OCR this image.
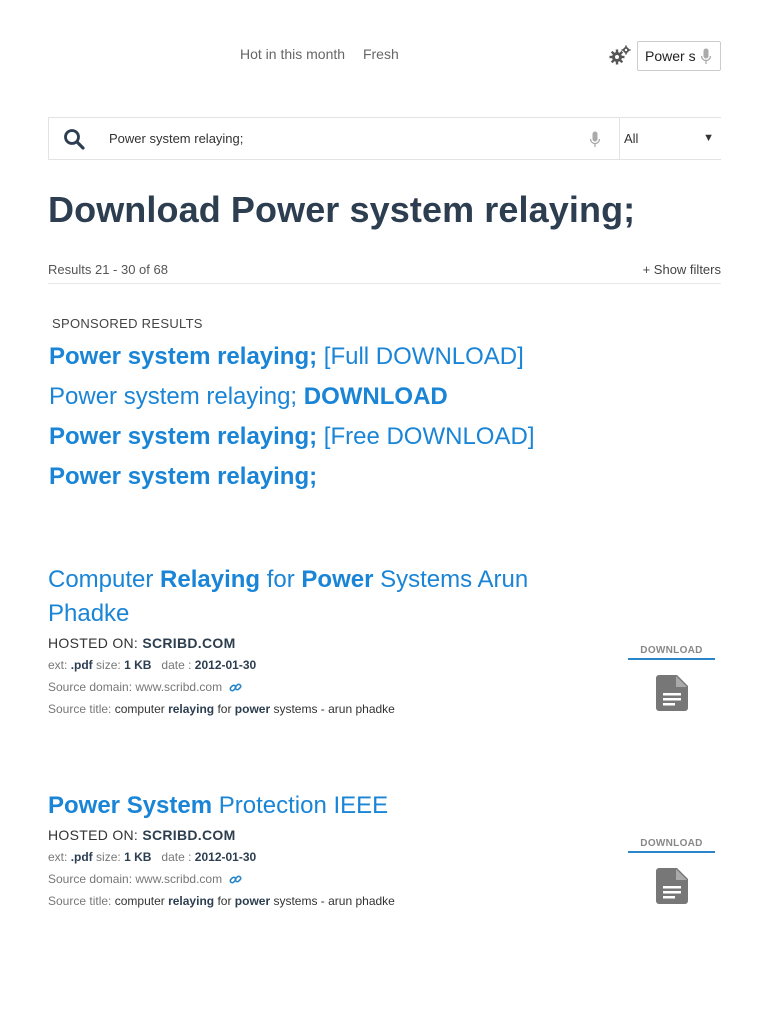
Hot in this month Fresh	Power s
Power system relaying;	All	▼
Download Power system relaying;
Results 21 - 30 of 68	+ Show filters
SPONSORED RESULTS
Power system relaying; [Full DOWNLOAD]
Power system relaying; DOWNLOAD
Power system relaying; [Free DOWNLOAD]
Power system relaying;
Computer Relaying for Power Systems Arun Phadke
HOSTED ON: SCRIBD.COM
ext: .pdf size: 1 KB date : 2012-01-30
Source domain: www.scribd.com
Source title: computer relaying for power systems - arun phadke
DOWNLOAD
Power System Protection IEEE
HOSTED ON: SCRIBD.COM
ext: .pdf size: 1 KB date : 2012-01-30
Source domain: www.scribd.com
Source title: computer relaying for power systems - arun phadke
DOWNLOAD
